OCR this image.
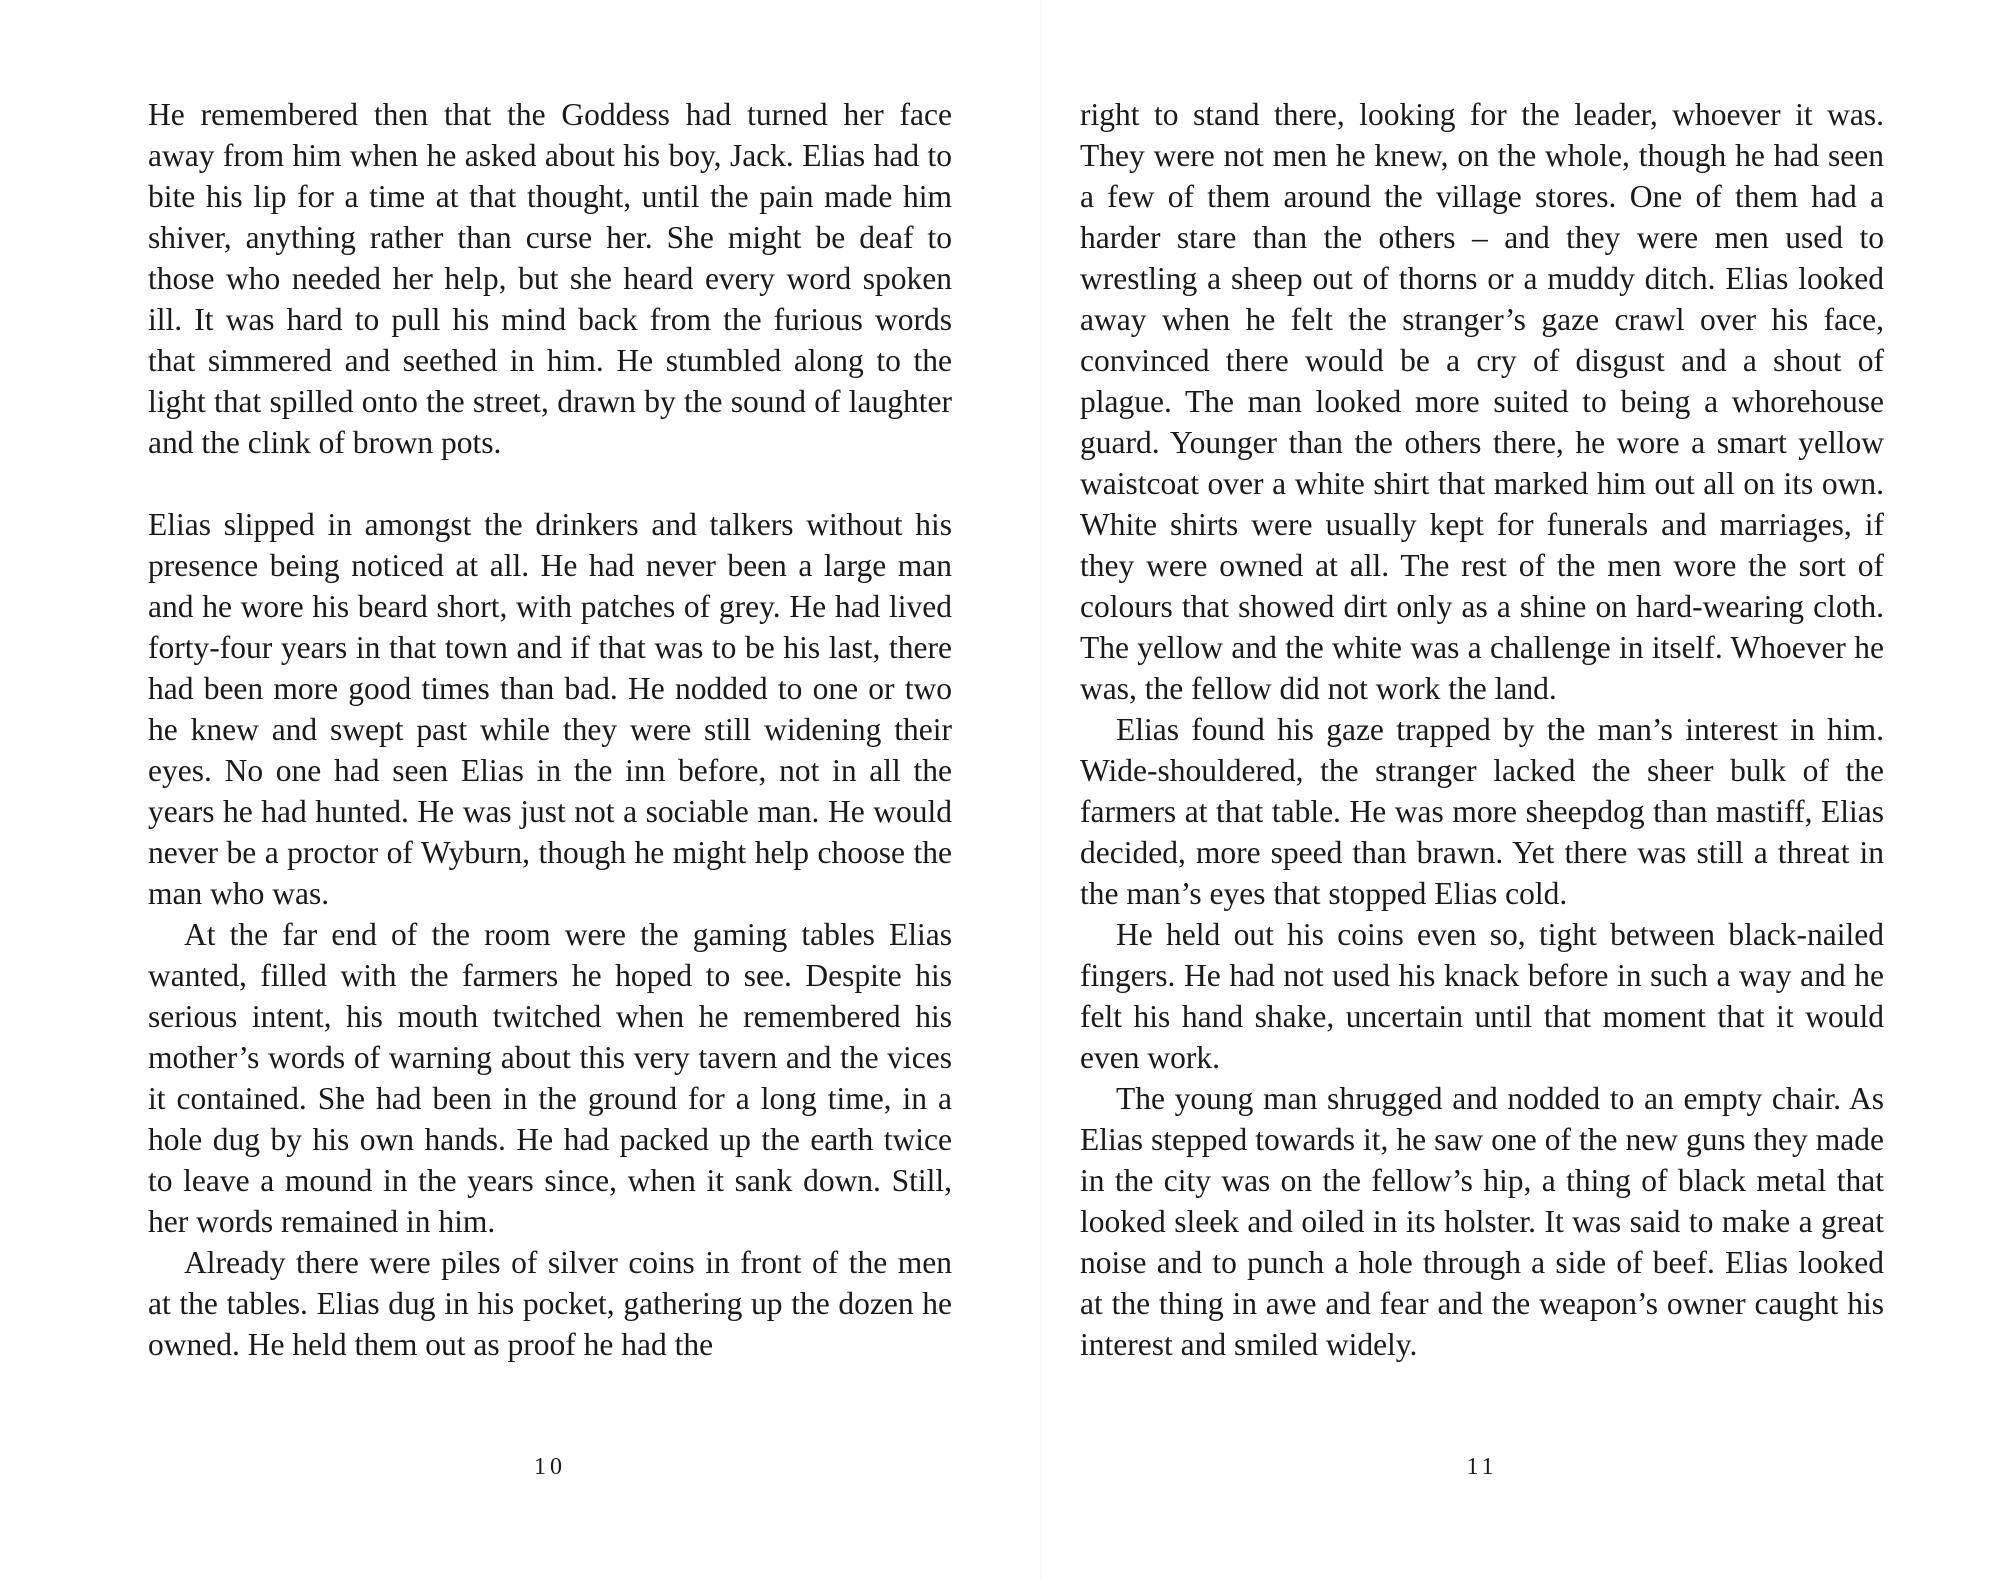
He remembered then that the Goddess had turned her face away from him when he asked about his boy, Jack. Elias had to bite his lip for a time at that thought, until the pain made him shiver, anything rather than curse her. She might be deaf to those who needed her help, but she heard every word spoken ill. It was hard to pull his mind back from the furious words that simmered and seethed in him. He stumbled along to the light that spilled onto the street, drawn by the sound of laughter and the clink of brown pots.

Elias slipped in amongst the drinkers and talkers without his presence being noticed at all. He had never been a large man and he wore his beard short, with patches of grey. He had lived forty-four years in that town and if that was to be his last, there had been more good times than bad. He nodded to one or two he knew and swept past while they were still widening their eyes. No one had seen Elias in the inn before, not in all the years he had hunted. He was just not a sociable man. He would never be a proctor of Wyburn, though he might help choose the man who was.

At the far end of the room were the gaming tables Elias wanted, filled with the farmers he hoped to see. Despite his serious intent, his mouth twitched when he remembered his mother’s words of warning about this very tavern and the vices it contained. She had been in the ground for a long time, in a hole dug by his own hands. He had packed up the earth twice to leave a mound in the years since, when it sank down. Still, her words remained in him.

Already there were piles of silver coins in front of the men at the tables. Elias dug in his pocket, gathering up the dozen he owned. He held them out as proof he had the

right to stand there, looking for the leader, whoever it was. They were not men he knew, on the whole, though he had seen a few of them around the village stores. One of them had a harder stare than the others – and they were men used to wrestling a sheep out of thorns or a muddy ditch. Elias looked away when he felt the stranger’s gaze crawl over his face, convinced there would be a cry of disgust and a shout of plague. The man looked more suited to being a whorehouse guard. Younger than the others there, he wore a smart yellow waistcoat over a white shirt that marked him out all on its own. White shirts were usually kept for funerals and marriages, if they were owned at all. The rest of the men wore the sort of colours that showed dirt only as a shine on hard-wearing cloth. The yellow and the white was a challenge in itself. Whoever he was, the fellow did not work the land.

Elias found his gaze trapped by the man’s interest in him. Wide-shouldered, the stranger lacked the sheer bulk of the farmers at that table. He was more sheepdog than mastiff, Elias decided, more speed than brawn. Yet there was still a threat in the man’s eyes that stopped Elias cold.

He held out his coins even so, tight between black-nailed fingers. He had not used his knack before in such a way and he felt his hand shake, uncertain until that moment that it would even work.

The young man shrugged and nodded to an empty chair. As Elias stepped towards it, he saw one of the new guns they made in the city was on the fellow’s hip, a thing of black metal that looked sleek and oiled in its holster. It was said to make a great noise and to punch a hole through a side of beef. Elias looked at the thing in awe and fear and the weapon’s owner caught his interest and smiled widely.

10	11
